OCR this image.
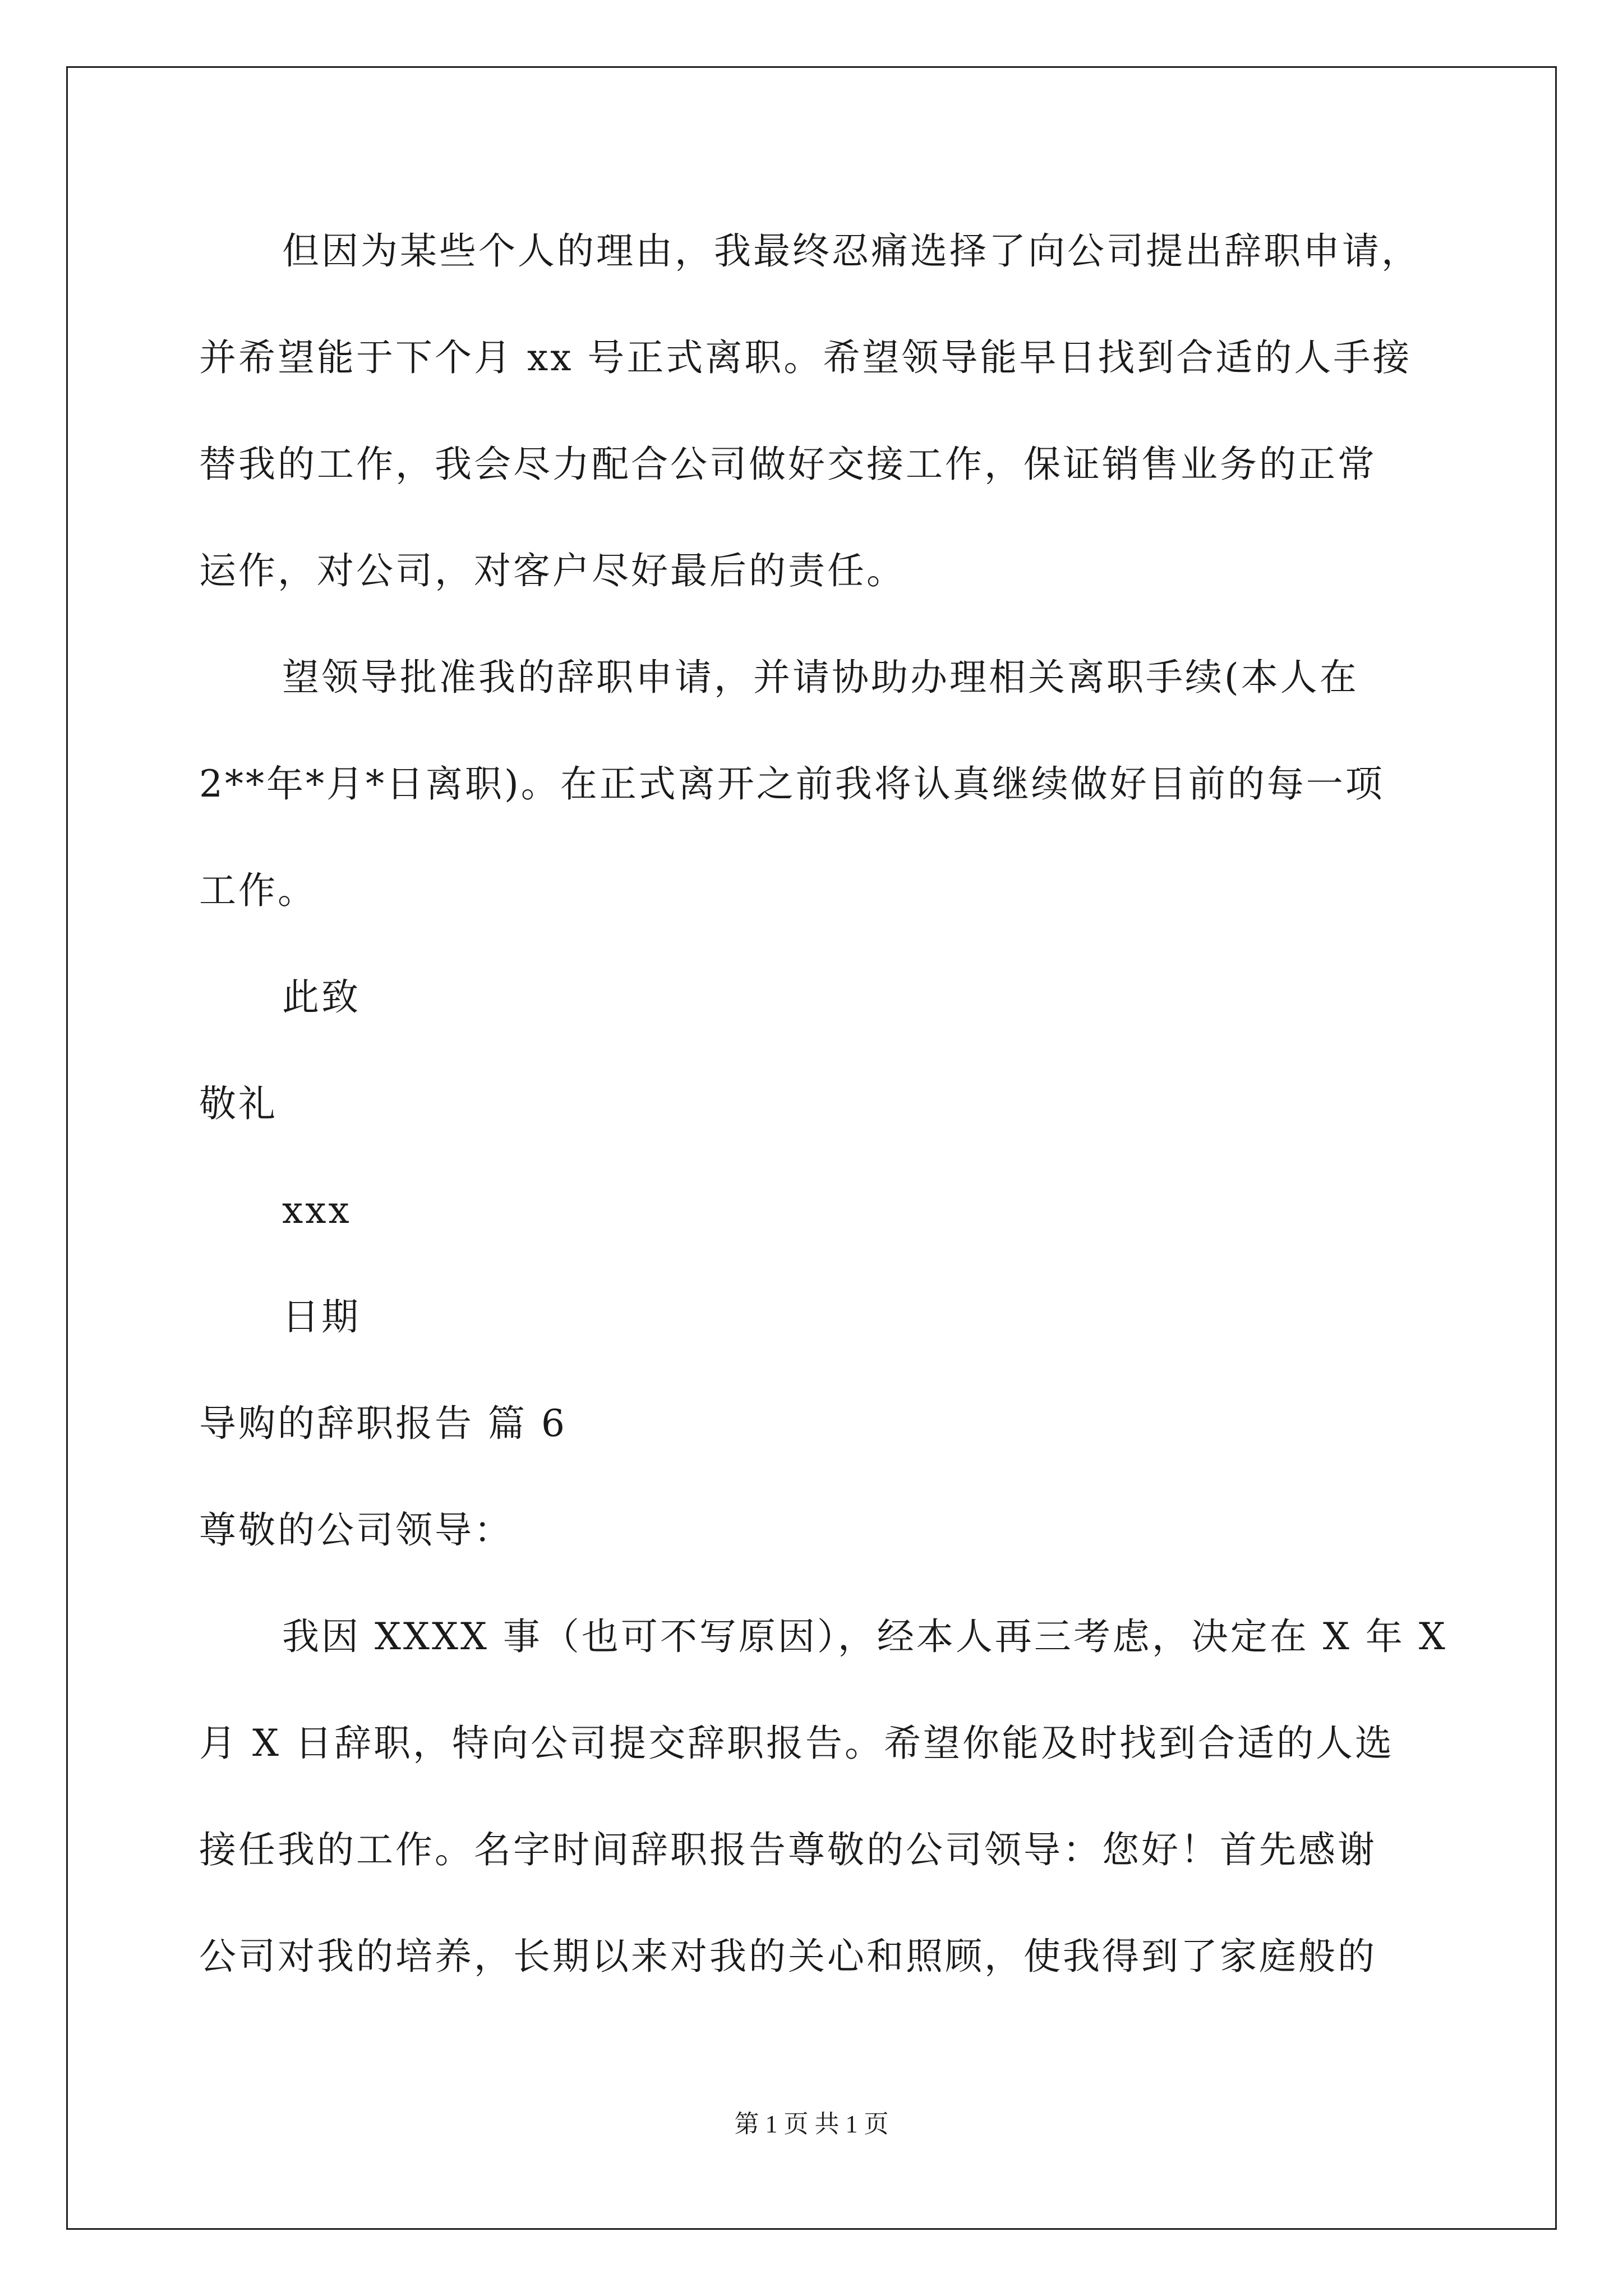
但因为某些个人的理由，我最终忍痛选择了向公司提出辞职申请，
并希望能于下个月 xx 号正式离职。希望领导能早日找到合适的人手接
替我的工作，我会尽力配合公司做好交接工作，保证销售业务的正常
运作，对公司，对客户尽好最后的责任。
望领导批准我的辞职申请，并请协助办理相关离职手续(本人在
2**年*月*日离职)。在正式离开之前我将认真继续做好目前的每一项
工作。
此致
敬礼
xxx
日期
导购的辞职报告 篇 6
尊敬的公司领导：
我因 XXXX 事（也可不写原因），经本人再三考虑，决定在 X 年 X
月 X 日辞职，特向公司提交辞职报告。希望你能及时找到合适的人选
接任我的工作。名字时间辞职报告尊敬的公司领导：您好！首先感谢
公司对我的培养，长期以来对我的关心和照顾，使我得到了家庭般的
第 1 页 共 1 页
